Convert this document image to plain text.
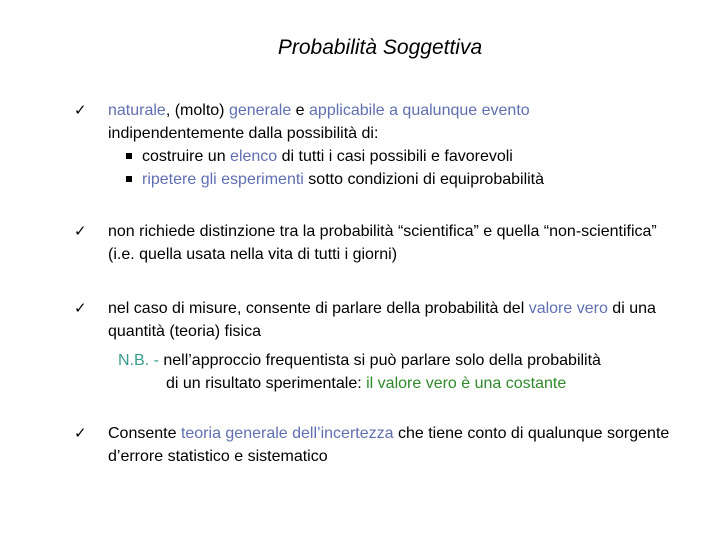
Probabilità Soggettiva
✓ naturale, (molto) generale e applicabile a qualunque evento
indipendentemente dalla possibilità di:
costruire un elenco di tutti i casi possibili e favorevoli
ripetere gli esperimenti sotto condizioni di equiprobabilità
✓ non richiede distinzione tra la probabilità “scientifica” e quella “non-scientifica” (i.e. quella usata nella vita di tutti i giorni)
✓ nel caso di misure, consente di parlare della probabilità del valore vero di una quantità (teoria) fisica
N.B. - nell’approccio frequentista si può parlare solo della probabilità
di un risultato sperimentale: il valore vero è una costante
✓ Consente teoria generale dell’incertezza che tiene conto di qualunque sorgente d’errore statistico e sistematico
